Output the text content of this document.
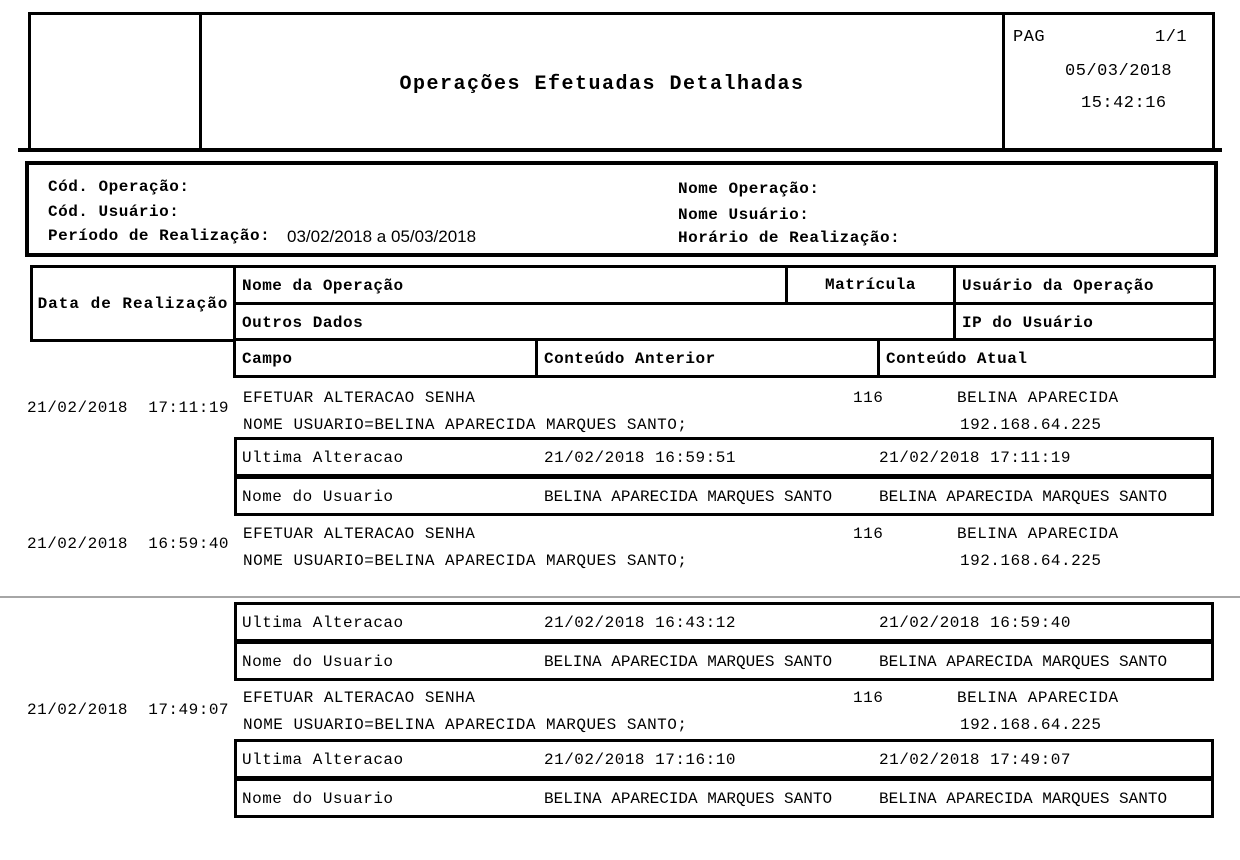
Operações Efetuadas Detalhadas
PAG	1/1
05/03/2018
15:42:16
Cód. Operação:
Cód. Usuário:
Período de Realização: 03/02/2018 a 05/03/2018
Nome Operação:
Nome Usuário:
Horário de Realização:
Data de Realização
Nome da Operação	Matrícula	Usuário da Operação
Outros Dados	IP do Usuário
Campo	Conteúdo Anterior	Conteúdo Atual
21/02/2018  17:11:19
EFETUAR ALTERACAO SENHA	116	BELINA APARECIDA
NOME USUARIO=BELINA APARECIDA MARQUES SANTO;	192.168.64.225
Ultima Alteracao	21/02/2018 16:59:51	21/02/2018 17:11:19
Nome do Usuario	BELINA APARECIDA MARQUES SANTO	BELINA APARECIDA MARQUES SANTO
21/02/2018  16:59:40
EFETUAR ALTERACAO SENHA	116	BELINA APARECIDA
NOME USUARIO=BELINA APARECIDA MARQUES SANTO;	192.168.64.225
Ultima Alteracao	21/02/2018 16:43:12	21/02/2018 16:59:40
Nome do Usuario	BELINA APARECIDA MARQUES SANTO	BELINA APARECIDA MARQUES SANTO
21/02/2018  17:49:07
EFETUAR ALTERACAO SENHA	116	BELINA APARECIDA
NOME USUARIO=BELINA APARECIDA MARQUES SANTO;	192.168.64.225
Ultima Alteracao	21/02/2018 17:16:10	21/02/2018 17:49:07
Nome do Usuario	BELINA APARECIDA MARQUES SANTO	BELINA APARECIDA MARQUES SANTO
